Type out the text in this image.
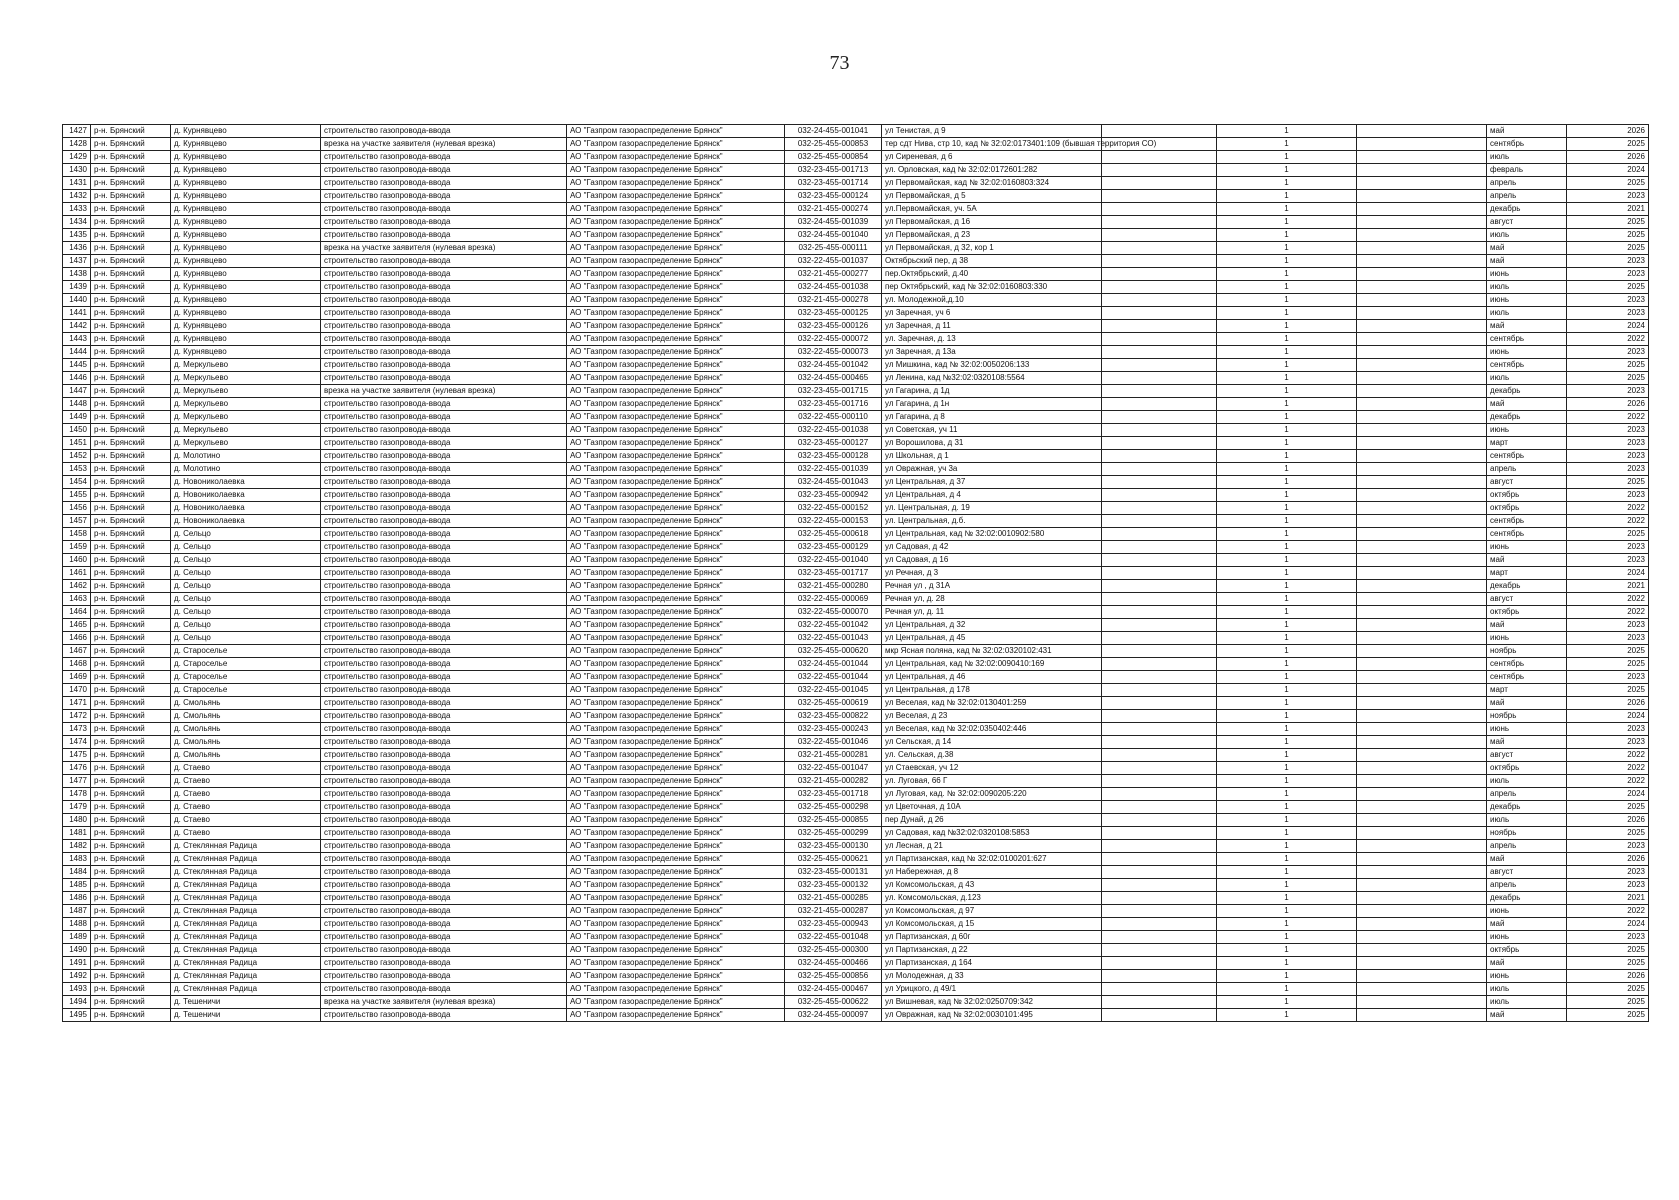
73
1427	р-н. Брянский	д. Курнявцево	строительство газопровода-ввода	АО "Газпром газораспределение Брянск"	032-24-455-001041	ул Тенистая, д 9		1		май	2026
1428	р-н. Брянский	д. Курнявцево	врезка на участке заявителя (нулевая врезка)	АО "Газпром газораспределение Брянск"	032-25-455-000853	тер сдт Нива, стр 10, кад № 32:02:0173401:109 (бывшая территория СО)		1		сентябрь	2025
1429	р-н. Брянский	д. Курнявцево	строительство газопровода-ввода	АО "Газпром газораспределение Брянск"	032-25-455-000854	ул Сиреневая, д 6		1		июль	2026
1430	р-н. Брянский	д. Курнявцево	строительство газопровода-ввода	АО "Газпром газораспределение Брянск"	032-23-455-001713	ул. Орловская, кад № 32:02:0172601:282		1		февраль	2024
1431	р-н. Брянский	д. Курнявцево	строительство газопровода-ввода	АО "Газпром газораспределение Брянск"	032-23-455-001714	ул Первомайская, кад № 32:02:0160803:324		1		апрель	2025
1432	р-н. Брянский	д. Курнявцево	строительство газопровода-ввода	АО "Газпром газораспределение Брянск"	032-23-455-000124	ул Первомайская, д 5		1		апрель	2023
1433	р-н. Брянский	д. Курнявцево	строительство газопровода-ввода	АО "Газпром газораспределение Брянск"	032-21-455-000274	ул.Первомайская, уч. 5А		1		декабрь	2021
1434	р-н. Брянский	д. Курнявцево	строительство газопровода-ввода	АО "Газпром газораспределение Брянск"	032-24-455-001039	ул Первомайская, д 16		1		август	2025
1435	р-н. Брянский	д. Курнявцево	строительство газопровода-ввода	АО "Газпром газораспределение Брянск"	032-24-455-001040	ул Первомайская, д 23		1		июль	2025
1436	р-н. Брянский	д. Курнявцево	врезка на участке заявителя (нулевая врезка)	АО "Газпром газораспределение Брянск"	032-25-455-000111	ул Первомайская, д 32, кор 1		1		май	2025
1437	р-н. Брянский	д. Курнявцево	строительство газопровода-ввода	АО "Газпром газораспределение Брянск"	032-22-455-001037	Октябрьский пер, д 38		1		май	2023
1438	р-н. Брянский	д. Курнявцево	строительство газопровода-ввода	АО "Газпром газораспределение Брянск"	032-21-455-000277	пер.Октябрьский, д.40		1		июнь	2023
1439	р-н. Брянский	д. Курнявцево	строительство газопровода-ввода	АО "Газпром газораспределение Брянск"	032-24-455-001038	пер Октябрьский, кад № 32:02:0160803:330		1		июль	2025
1440	р-н. Брянский	д. Курнявцево	строительство газопровода-ввода	АО "Газпром газораспределение Брянск"	032-21-455-000278	ул. Молодежной,д.10		1		июнь	2023
1441	р-н. Брянский	д. Курнявцево	строительство газопровода-ввода	АО "Газпром газораспределение Брянск"	032-23-455-000125	ул Заречная, уч 6		1		июль	2023
1442	р-н. Брянский	д. Курнявцево	строительство газопровода-ввода	АО "Газпром газораспределение Брянск"	032-23-455-000126	ул Заречная, д 11		1		май	2024
1443	р-н. Брянский	д. Курнявцево	строительство газопровода-ввода	АО "Газпром газораспределение Брянск"	032-22-455-000072	ул. Заречная, д. 13		1		сентябрь	2022
1444	р-н. Брянский	д. Курнявцево	строительство газопровода-ввода	АО "Газпром газораспределение Брянск"	032-22-455-000073	ул Заречная, д 13а		1		июнь	2023
1445	р-н. Брянский	д. Меркульево	строительство газопровода-ввода	АО "Газпром газораспределение Брянск"	032-24-455-001042	ул Мишкина, кад № 32:02:0050206:133		1		сентябрь	2025
1446	р-н. Брянский	д. Меркульево	строительство газопровода-ввода	АО "Газпром газораспределение Брянск"	032-24-455-000465	ул Ленина, кад №32:02:0320108:5564		1		июль	2025
1447	р-н. Брянский	д. Меркульево	врезка на участке заявителя (нулевая врезка)	АО "Газпром газораспределение Брянск"	032-23-455-001715	ул Гагарина, д 1д		1		декабрь	2023
1448	р-н. Брянский	д. Меркульево	строительство газопровода-ввода	АО "Газпром газораспределение Брянск"	032-23-455-001716	ул Гагарина, д 1н		1		май	2026
1449	р-н. Брянский	д. Меркульево	строительство газопровода-ввода	АО "Газпром газораспределение Брянск"	032-22-455-000110	ул Гагарина, д 8		1		декабрь	2022
1450	р-н. Брянский	д. Меркульево	строительство газопровода-ввода	АО "Газпром газораспределение Брянск"	032-22-455-001038	ул Советская, уч 11		1		июнь	2023
1451	р-н. Брянский	д. Меркульево	строительство газопровода-ввода	АО "Газпром газораспределение Брянск"	032-23-455-000127	ул Ворошилова, д 31		1		март	2023
1452	р-н. Брянский	д. Молотино	строительство газопровода-ввода	АО "Газпром газораспределение Брянск"	032-23-455-000128	ул Школьная, д 1		1		сентябрь	2023
1453	р-н. Брянский	д. Молотино	строительство газопровода-ввода	АО "Газпром газораспределение Брянск"	032-22-455-001039	ул Овражная, уч 3а		1		апрель	2023
1454	р-н. Брянский	д. Новониколаевка	строительство газопровода-ввода	АО "Газпром газораспределение Брянск"	032-24-455-001043	ул Центральная, д 37		1		август	2025
1455	р-н. Брянский	д. Новониколаевка	строительство газопровода-ввода	АО "Газпром газораспределение Брянск"	032-23-455-000942	ул Центральная, д 4		1		октябрь	2023
1456	р-н. Брянский	д. Новониколаевка	строительство газопровода-ввода	АО "Газпром газораспределение Брянск"	032-22-455-000152	ул. Центральная, д. 19		1		октябрь	2022
1457	р-н. Брянский	д. Новониколаевка	строительство газопровода-ввода	АО "Газпром газораспределение Брянск"	032-22-455-000153	ул. Центральная, д.б.		1		сентябрь	2022
1458	р-н. Брянский	д. Сельцо	строительство газопровода-ввода	АО "Газпром газораспределение Брянск"	032-25-455-000618	ул Центральная, кад № 32:02:0010902:580		1		сентябрь	2025
1459	р-н. Брянский	д. Сельцо	строительство газопровода-ввода	АО "Газпром газораспределение Брянск"	032-23-455-000129	ул Садовая, д 42		1		июнь	2023
1460	р-н. Брянский	д. Сельцо	строительство газопровода-ввода	АО "Газпром газораспределение Брянск"	032-22-455-001040	ул Садовая, д 16		1		май	2023
1461	р-н. Брянский	д. Сельцо	строительство газопровода-ввода	АО "Газпром газораспределение Брянск"	032-23-455-001717	ул Речная, д 3		1		март	2024
1462	р-н. Брянский	д. Сельцо	строительство газопровода-ввода	АО "Газпром газораспределение Брянск"	032-21-455-000280	Речная ул , д 31А		1		декабрь	2021
1463	р-н. Брянский	д. Сельцо	строительство газопровода-ввода	АО "Газпром газораспределение Брянск"	032-22-455-000069	Речная ул, д. 28		1		август	2022
1464	р-н. Брянский	д. Сельцо	строительство газопровода-ввода	АО "Газпром газораспределение Брянск"	032-22-455-000070	Речная ул, д. 11		1		октябрь	2022
1465	р-н. Брянский	д. Сельцо	строительство газопровода-ввода	АО "Газпром газораспределение Брянск"	032-22-455-001042	ул Центральная, д 32		1		май	2023
1466	р-н. Брянский	д. Сельцо	строительство газопровода-ввода	АО "Газпром газораспределение Брянск"	032-22-455-001043	ул Центральная, д 45		1		июнь	2023
1467	р-н. Брянский	д. Староселье	строительство газопровода-ввода	АО "Газпром газораспределение Брянск"	032-25-455-000620	мкр Ясная поляна, кад № 32:02:0320102:431		1		ноябрь	2025
1468	р-н. Брянский	д. Староселье	строительство газопровода-ввода	АО "Газпром газораспределение Брянск"	032-24-455-001044	ул Центральная, кад № 32:02:0090410:169		1		сентябрь	2025
1469	р-н. Брянский	д. Староселье	строительство газопровода-ввода	АО "Газпром газораспределение Брянск"	032-22-455-001044	ул Центральная, д 46		1		сентябрь	2023
1470	р-н. Брянский	д. Староселье	строительство газопровода-ввода	АО "Газпром газораспределение Брянск"	032-22-455-001045	ул Центральная, д 178		1		март	2025
1471	р-н. Брянский	д. Смольянь	строительство газопровода-ввода	АО "Газпром газораспределение Брянск"	032-25-455-000619	ул Веселая, кад № 32:02:0130401:259		1		май	2026
1472	р-н. Брянский	д. Смольянь	строительство газопровода-ввода	АО "Газпром газораспределение Брянск"	032-23-455-000822	ул Веселая, д 23		1		ноябрь	2024
1473	р-н. Брянский	д. Смольянь	строительство газопровода-ввода	АО "Газпром газораспределение Брянск"	032-23-455-000243	ул Веселая, кад № 32:02:0350402:446		1		июнь	2023
1474	р-н. Брянский	д. Смольянь	строительство газопровода-ввода	АО "Газпром газораспределение Брянск"	032-22-455-001046	ул Сельская, д 14		1		май	2023
1475	р-н. Брянский	д. Смольянь	строительство газопровода-ввода	АО "Газпром газораспределение Брянск"	032-21-455-000281	ул. Сельская, д.38		1		август	2022
1476	р-н. Брянский	д. Стаево	строительство газопровода-ввода	АО "Газпром газораспределение Брянск"	032-22-455-001047	ул Стаевская, уч 12		1		октябрь	2022
1477	р-н. Брянский	д. Стаево	строительство газопровода-ввода	АО "Газпром газораспределение Брянск"	032-21-455-000282	ул. Луговая, 66 Г		1		июль	2022
1478	р-н. Брянский	д. Стаево	строительство газопровода-ввода	АО "Газпром газораспределение Брянск"	032-23-455-001718	ул Луговая, кад. № 32:02:0090205:220		1		апрель	2024
1479	р-н. Брянский	д. Стаево	строительство газопровода-ввода	АО "Газпром газораспределение Брянск"	032-25-455-000298	ул Цветочная, д 10А		1		декабрь	2025
1480	р-н. Брянский	д. Стаево	строительство газопровода-ввода	АО "Газпром газораспределение Брянск"	032-25-455-000855	пер Дунай, д 26		1		июль	2026
1481	р-н. Брянский	д. Стаево	строительство газопровода-ввода	АО "Газпром газораспределение Брянск"	032-25-455-000299	ул Садовая, кад №32:02:0320108:5853		1		ноябрь	2025
1482	р-н. Брянский	д. Стеклянная Радица	строительство газопровода-ввода	АО "Газпром газораспределение Брянск"	032-23-455-000130	ул Лесная, д 21		1		апрель	2023
1483	р-н. Брянский	д. Стеклянная Радица	строительство газопровода-ввода	АО "Газпром газораспределение Брянск"	032-25-455-000621	ул Партизанская, кад № 32:02:0100201:627		1		май	2026
1484	р-н. Брянский	д. Стеклянная Радица	строительство газопровода-ввода	АО "Газпром газораспределение Брянск"	032-23-455-000131	ул Набережная, д 8		1		август	2023
1485	р-н. Брянский	д. Стеклянная Радица	строительство газопровода-ввода	АО "Газпром газораспределение Брянск"	032-23-455-000132	ул Комсомольская, д 43		1		апрель	2023
1486	р-н. Брянский	д. Стеклянная Радица	строительство газопровода-ввода	АО "Газпром газораспределение Брянск"	032-21-455-000285	ул. Комсомольская, д.123		1		декабрь	2021
1487	р-н. Брянский	д. Стеклянная Радица	строительство газопровода-ввода	АО "Газпром газораспределение Брянск"	032-21-455-000287	ул Комсомольская, д 97		1		июнь	2022
1488	р-н. Брянский	д. Стеклянная Радица	строительство газопровода-ввода	АО "Газпром газораспределение Брянск"	032-23-455-000943	ул Комсомольская, д 15		1		май	2024
1489	р-н. Брянский	д. Стеклянная Радица	строительство газопровода-ввода	АО "Газпром газораспределение Брянск"	032-22-455-001048	ул Партизанская, д 60г		1		июнь	2023
1490	р-н. Брянский	д. Стеклянная Радица	строительство газопровода-ввода	АО "Газпром газораспределение Брянск"	032-25-455-000300	ул Партизанская, д 22		1		октябрь	2025
1491	р-н. Брянский	д. Стеклянная Радица	строительство газопровода-ввода	АО "Газпром газораспределение Брянск"	032-24-455-000466	ул Партизанская, д 164		1		май	2025
1492	р-н. Брянский	д. Стеклянная Радица	строительство газопровода-ввода	АО "Газпром газораспределение Брянск"	032-25-455-000856	ул Молодежная, д 33		1		июнь	2026
1493	р-н. Брянский	д. Стеклянная Радица	строительство газопровода-ввода	АО "Газпром газораспределение Брянск"	032-24-455-000467	ул Урицкого, д 49/1		1		июль	2025
1494	р-н. Брянский	д. Тешеничи	врезка на участке заявителя (нулевая врезка)	АО "Газпром газораспределение Брянск"	032-25-455-000622	ул Вишневая, кад № 32:02:0250709:342		1		июль	2025
1495	р-н. Брянский	д. Тешеничи	строительство газопровода-ввода	АО "Газпром газораспределение Брянск"	032-24-455-000097	ул Овражная, кад № 32:02:0030101:495		1		май	2025
